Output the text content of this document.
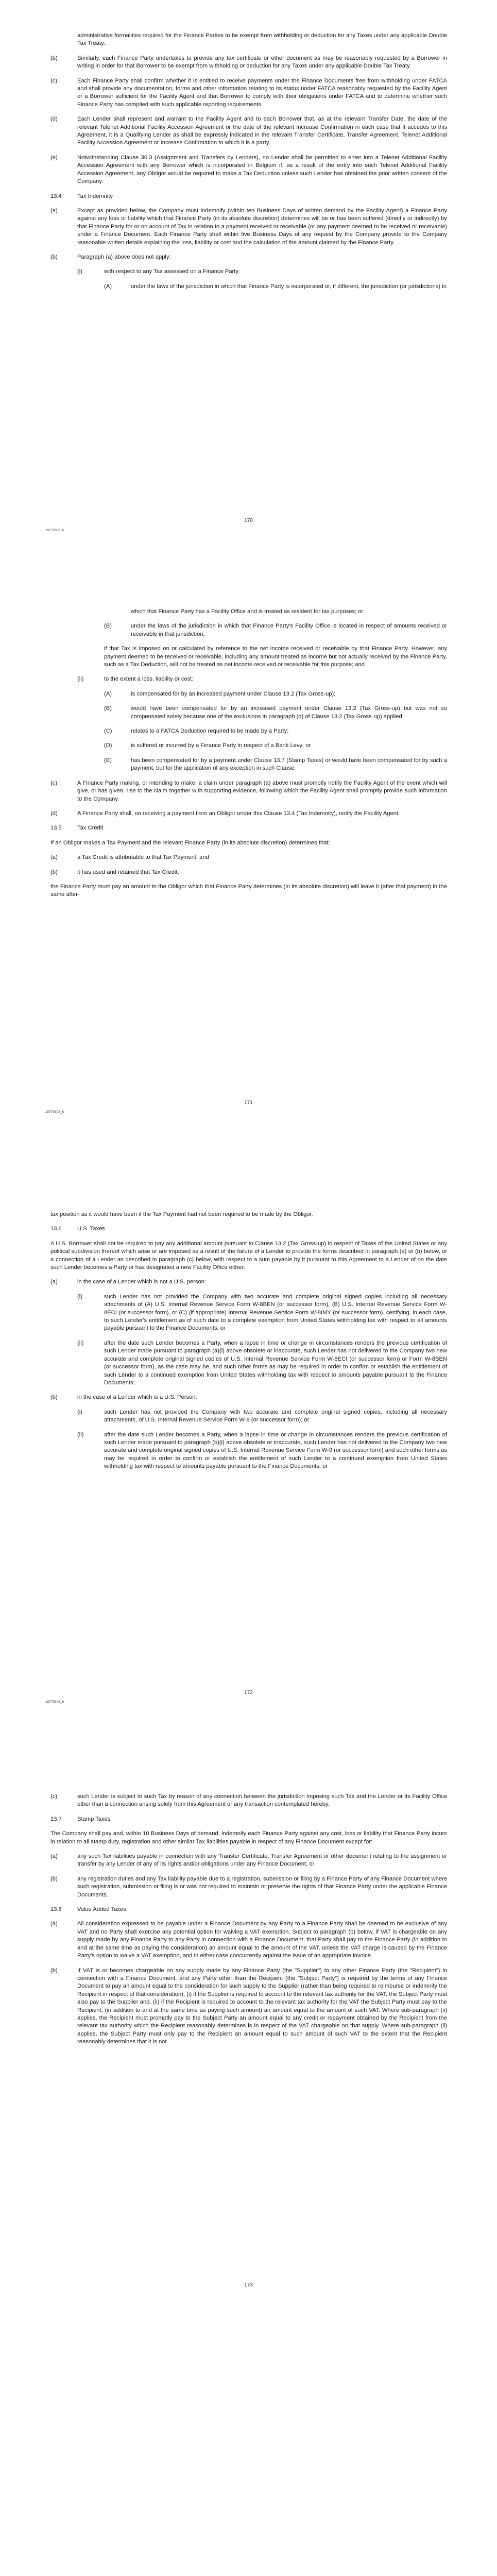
administrative formalities required for the Finance Parties to be exempt from withholding or deduction for any Taxes under any applicable Double Tax Treaty.
(b)	Similarly, each Finance Party undertakes to provide any tax certificate or other document as may be reasonably requested by a Borrower in writing in order for that Borrower to be exempt from withholding or deduction for any Taxes under any applicable Double Tax Treaty.
(c)	Each Finance Party shall confirm whether it is entitled to receive payments under the Finance Documents free from withholding under FATCA and shall provide any documentation, forms and other information relating to its status under FATCA reasonably requested by the Facility Agent or a Borrower sufficient for the Facility Agent and that Borrower to comply with their obligations under FATCA and to determine whether such Finance Party has complied with such applicable reporting requirements.
(d)	Each Lender shall represent and warrant to the Facility Agent and to each Borrower that, as at the relevant Transfer Date, the date of the relevant Telenet Additional Facility Accession Agreement or the date of the relevant Increase Confirmation in each case that it accedes to this Agreement, it is a Qualifying Lender as shall be expressly indicated in the relevant Transfer Certificate, Transfer Agreement, Telenet Additional Facility Accession Agreement or Increase Confirmation to which it is a party.
(e)	Notwithstanding Clause 30.3 (Assignment and Transfers by Lenders), no Lender shall be permitted to enter into a Telenet Additional Facility Accession Agreement with any Borrower which is incorporated in Belgium if, as a result of the entry into such Telenet Additional Facility Accession Agreement, any Obligor would be required to make a Tax Deduction unless such Lender has obtained the prior written consent of the Company.
13.4	Tax Indemnity
(a)	Except as provided below, the Company must indemnify (within ten Business Days of written demand by the Facility Agent) a Finance Party against any loss or liability which that Finance Party (in its absolute discretion) determines will be or has been suffered (directly or indirectly) by that Finance Party for or on account of Tax in relation to a payment received or receivable (or any payment deemed to be received or receivable) under a Finance Document. Each Finance Party shall within five Business Days of any request by the Company provide to the Company reasonable written details explaining the loss, liability or cost and the calculation of the amount claimed by the Finance Party.
(b)	Paragraph (a) above does not apply:
(i)	with respect to any Tax assessed on a Finance Party:
(A)	under the laws of the jurisdiction in which that Finance Party is incorporated or, if different, the jurisdiction (or jurisdictions) in
19779303_6
170
which that Finance Party has a Facility Office and is treated as resident for tax purposes; or
(B)	under the laws of the jurisdiction in which that Finance Party's Facility Office is located in respect of amounts received or receivable in that jurisdiction,
if that Tax is imposed on or calculated by reference to the net income received or receivable by that Finance Party. However, any payment deemed to be received or receivable, including any amount treated as income but not actually received by the Finance Party, such as a Tax Deduction, will not be treated as net income received or receivable for this purpose; and
(ii)	to the extent a loss, liability or cost:
(A)	is compensated for by an increased payment under Clause 13.2 (Tax Gross-up);
(B)	would have been compensated for by an increased payment under Clause 13.2 (Tax Gross-up) but was not so compensated solely because one of the exclusions in paragraph (d) of Clause 13.2 (Tax Gross-up) applied;
(C)	relates to a FATCA Deduction required to be made by a Party;
(D)	is suffered or incurred by a Finance Party in respect of a Bank Levy; or
(E)	has been compensated for by a payment under Clause 13.7 (Stamp Taxes) or would have been compensated for by such a payment, but for the application of any exception in such Clause.
(c)	A Finance Party making, or intending to make, a claim under paragraph (a) above must promptly notify the Facility Agent of the event which will give, or has given, rise to the claim together with supporting evidence, following which the Facility Agent shall promptly provide such information to the Company.
(d)	A Finance Party shall, on receiving a payment from an Obligor under this Clause 13.4 (Tax Indemnity), notify the Facility Agent.
13.5	Tax Credit
If an Obligor makes a Tax Payment and the relevant Finance Party (in its absolute discretion) determines that:
(a)	a Tax Credit is attributable to that Tax Payment; and
(b)	it has used and retained that Tax Credit,
the Finance Party must pay an amount to the Obligor which that Finance Party determines (in its absolute discretion) will leave it (after that payment) in the same after-
19779303_6
171
tax position as it would have been if the Tax Payment had not been required to be made by the Obligor.
13.6	U.S. Taxes
A U.S. Borrower shall not be required to pay any additional amount pursuant to Clause 13.2 (Tax Gross-up) in respect of Taxes of the United States or any political subdivision thereof which arise or are imposed as a result of the failure of a Lender to provide the forms described in paragraph (a) or (b) below, or a connection of a Lender as described in paragraph (c) below, with respect to a sum payable by it pursuant to this Agreement to a Lender of on the date such Lender becomes a Party or has designated a new Facility Office either:
(a)	in the case of a Lender which is not a U.S. person:
(i)	such Lender has not provided the Company with two accurate and complete original signed copies including all necessary attachments of (A) U.S. Internal Revenue Service Form W-8BEN (or successor form), (B) U.S. Internal Revenue Service Form W-8ECI (or successor form), or (C) (if appropriate) Internal Revenue Service Form W-8IMY (or successor form), certifying, in each case, to such Lender's entitlement as of such date to a complete exemption from United States withholding tax with respect to all amounts payable pursuant to the Finance Documents; or
(ii)	after the date such Lender becomes a Party, when a lapse in time or change in circumstances renders the previous certification of such Lender made pursuant to paragraph (a)(i) above obsolete or inaccurate, such Lender has not delivered to the Company two new accurate and complete original signed copies of U.S. Internal Revenue Service Form W-8ECI (or successor form) or Form W-8BEN (or successor form), as the case may be, and such other forms as may be required in order to confirm or establish the entitlement of such Lender to a continued exemption from United States withholding tax with respect to amounts payable pursuant to the Finance Documents;
(b)	in the case of a Lender which is a U.S. Person:
(i)	such Lender has not provided the Company with two accurate and complete original signed copies, including all necessary attachments, of U.S. Internal Revenue Service Form W-9 (or successor form); or
(ii)	after the date such Lender becomes a Party, when a lapse in time or change in circumstances renders the previous certification of such Lender made pursuant to paragraph (b)(i) above obsolete or inaccurate, such Lender has not delivered to the Company two new accurate and complete original signed copies of U.S. Internal Revenue Service Form W-9 (or successor form) and such other forms as may be required in order to confirm or establish the entitlement of such Lender to a continued exemption from United States withholding tax with respect to amounts payable pursuant to the Finance Documents; or
19779303_6
172
(c)	such Lender is subject to such Tax by reason of any connection between the jurisdiction imposing such Tax and the Lender or its Facility Office other than a connection arising solely from this Agreement or any transaction contemplated hereby.
13.7	Stamp Taxes
The Company shall pay and, within 10 Business Days of demand, indemnify each Finance Party against any cost, loss or liability that Finance Party incurs in relation to all stamp duty, registration and other similar Tax liabilities payable in respect of any Finance Document except for:
(a)	any such Tax liabilities payable in connection with any Transfer Certificate, Transfer Agreement or other document relating to the assignment or transfer by any Lender of any of its rights and/or obligations under any Finance Document; or
(b)	any registration duties and any Tax liability payable due to a registration, submission or filing by a Finance Party of any Finance Document where such registration, submission or filing is or was not required to maintain or preserve the rights of that Finance Party under the applicable Finance Documents.
13.8	Value Added Taxes
(a)	All consideration expressed to be payable under a Finance Document by any Party to a Finance Party shall be deemed to be exclusive of any VAT and no Party shall exercise any potential option for waiving a VAT exemption. Subject to paragraph (b) below, if VAT is chargeable on any supply made by any Finance Party to any Party in connection with a Finance Document, that Party shall pay to the Finance Party (in addition to and at the same time as paying the consideration) an amount equal to the amount of the VAT, unless the VAT charge is caused by the Finance Party's option to waive a VAT exemption, and in either case concurrently against the issue of an appropriate invoice.
(b)	If VAT is or becomes chargeable on any supply made by any Finance Party (the "Supplier") to any other Finance Party (the "Recipient") in connection with a Finance Document, and any Party other than the Recipient (the "Subject Party") is required by the terms of any Finance Document to pay an amount equal to the consideration for such supply to the Supplier (rather than being required to reimburse or indemnify the Recipient in respect of that consideration), (i) if the Supplier is required to account to the relevant tax authority for the VAT, the Subject Party must also pay to the Supplier and, (ii) if the Recipient is required to account to the relevant tax authority for the VAT the Subject Party must pay to the Recipient, (in addition to and at the same time as paying such amount) an amount equal to the amount of such VAT. Where sub-paragraph (ii) applies, the Recipient must promptly pay to the Subject Party an amount equal to any credit or repayment obtained by the Recipient from the relevant tax authority which the Recipient reasonably determines is in respect of the VAT chargeable on that supply. Where sub-paragraph (ii) applies, the Subject Party must only pay to the Recipient an amount equal to such amount of such VAT to the extent that the Recipient reasonably determines that it is not
173
